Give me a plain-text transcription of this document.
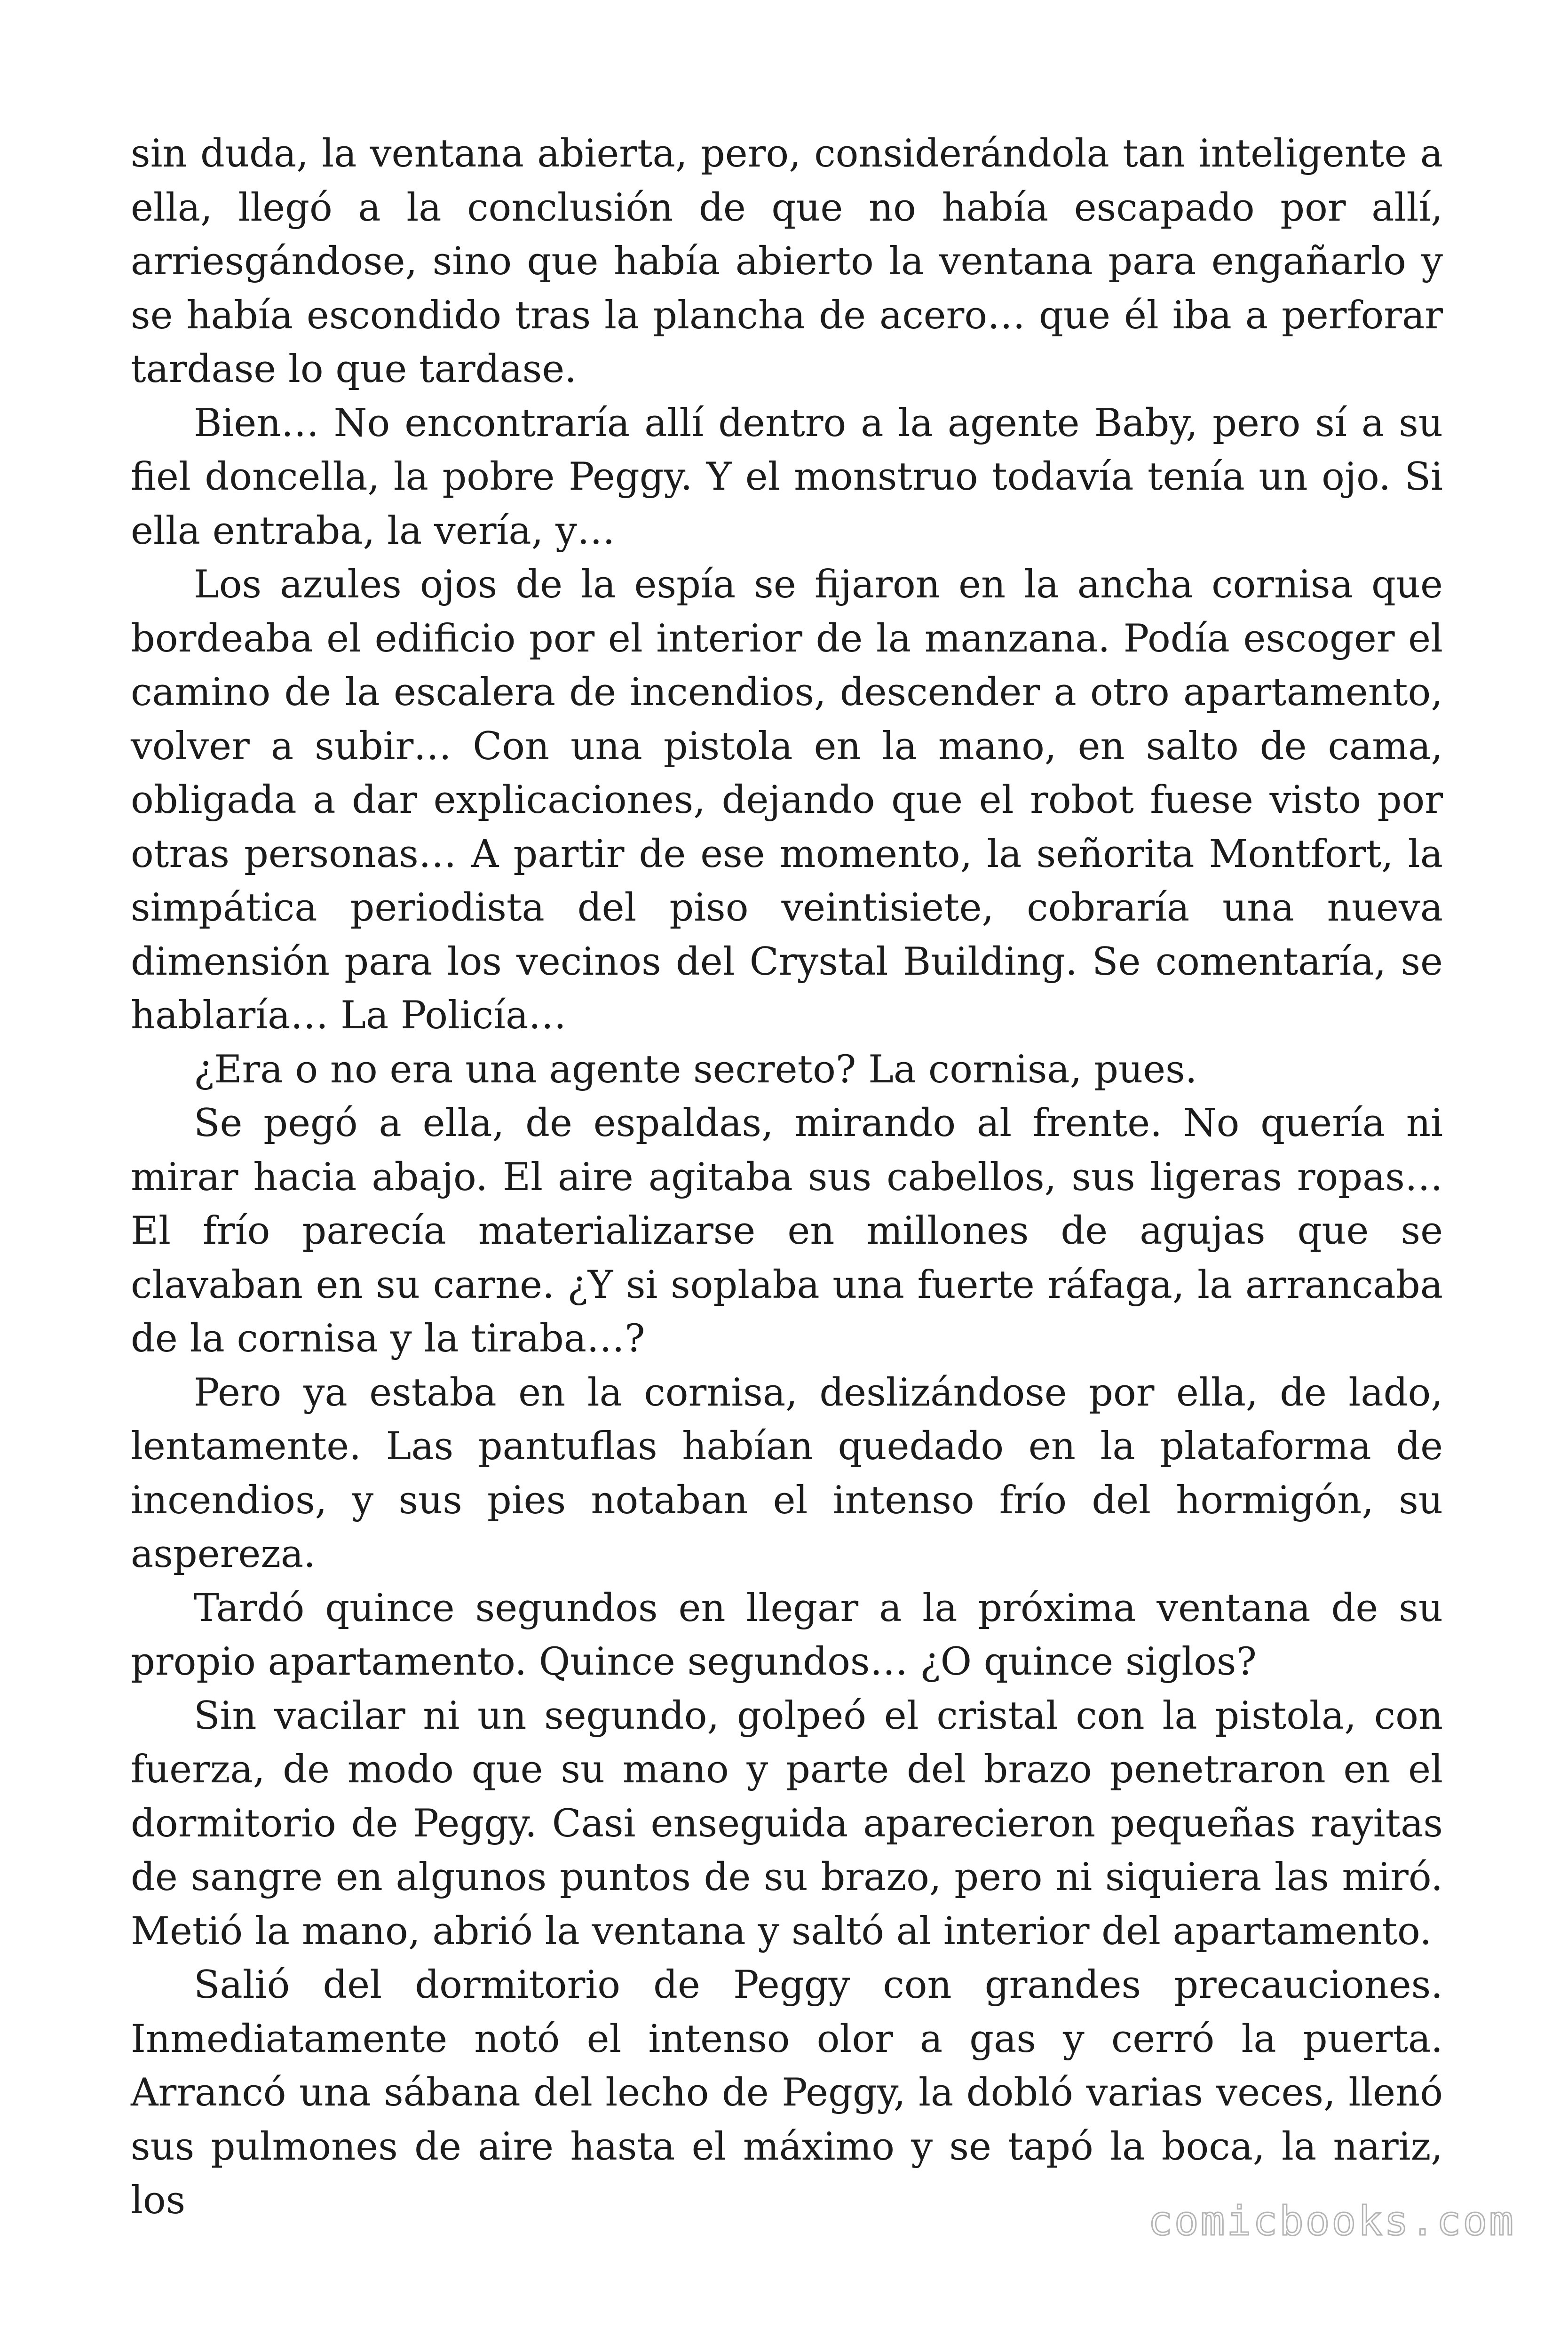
sin duda, la ventana abierta, pero, considerándola tan inteligente a ella, llegó a la conclusión de que no había escapado por allí, arriesgándose, sino que había abierto la ventana para engañarlo y se había escondido tras la plancha de acero… que él iba a perforar tardase lo que tardase.

Bien… No encontraría allí dentro a la agente Baby, pero sí a su fiel doncella, la pobre Peggy. Y el monstruo todavía tenía un ojo. Si ella entraba, la vería, y…

Los azules ojos de la espía se fijaron en la ancha cornisa que bordeaba el edificio por el interior de la manzana. Podía escoger el camino de la escalera de incendios, descender a otro apartamento, volver a subir… Con una pistola en la mano, en salto de cama, obligada a dar explicaciones, dejando que el robot fuese visto por otras personas… A partir de ese momento, la señorita Montfort, la simpática periodista del piso veintisiete, cobraría una nueva dimensión para los vecinos del Crystal Building. Se comentaría, se hablaría… La Policía…

¿Era o no era una agente secreto? La cornisa, pues.

Se pegó a ella, de espaldas, mirando al frente. No quería ni mirar hacia abajo. El aire agitaba sus cabellos, sus ligeras ropas… El frío parecía materializarse en millones de agujas que se clavaban en su carne. ¿Y si soplaba una fuerte ráfaga, la arrancaba de la cornisa y la tiraba…?

Pero ya estaba en la cornisa, deslizándose por ella, de lado, lentamente. Las pantuflas habían quedado en la plataforma de incendios, y sus pies notaban el intenso frío del hormigón, su aspereza.

Tardó quince segundos en llegar a la próxima ventana de su propio apartamento. Quince segundos… ¿O quince siglos?

Sin vacilar ni un segundo, golpeó el cristal con la pistola, con fuerza, de modo que su mano y parte del brazo penetraron en el dormitorio de Peggy. Casi enseguida aparecieron pequeñas rayitas de sangre en algunos puntos de su brazo, pero ni siquiera las miró. Metió la mano, abrió la ventana y saltó al interior del apartamento.

Salió del dormitorio de Peggy con grandes precauciones. Inmediatamente notó el intenso olor a gas y cerró la puerta. Arrancó una sábana del lecho de Peggy, la dobló varias veces, llenó sus pulmones de aire hasta el máximo y se tapó la boca, la nariz, los	comicbooks.com
